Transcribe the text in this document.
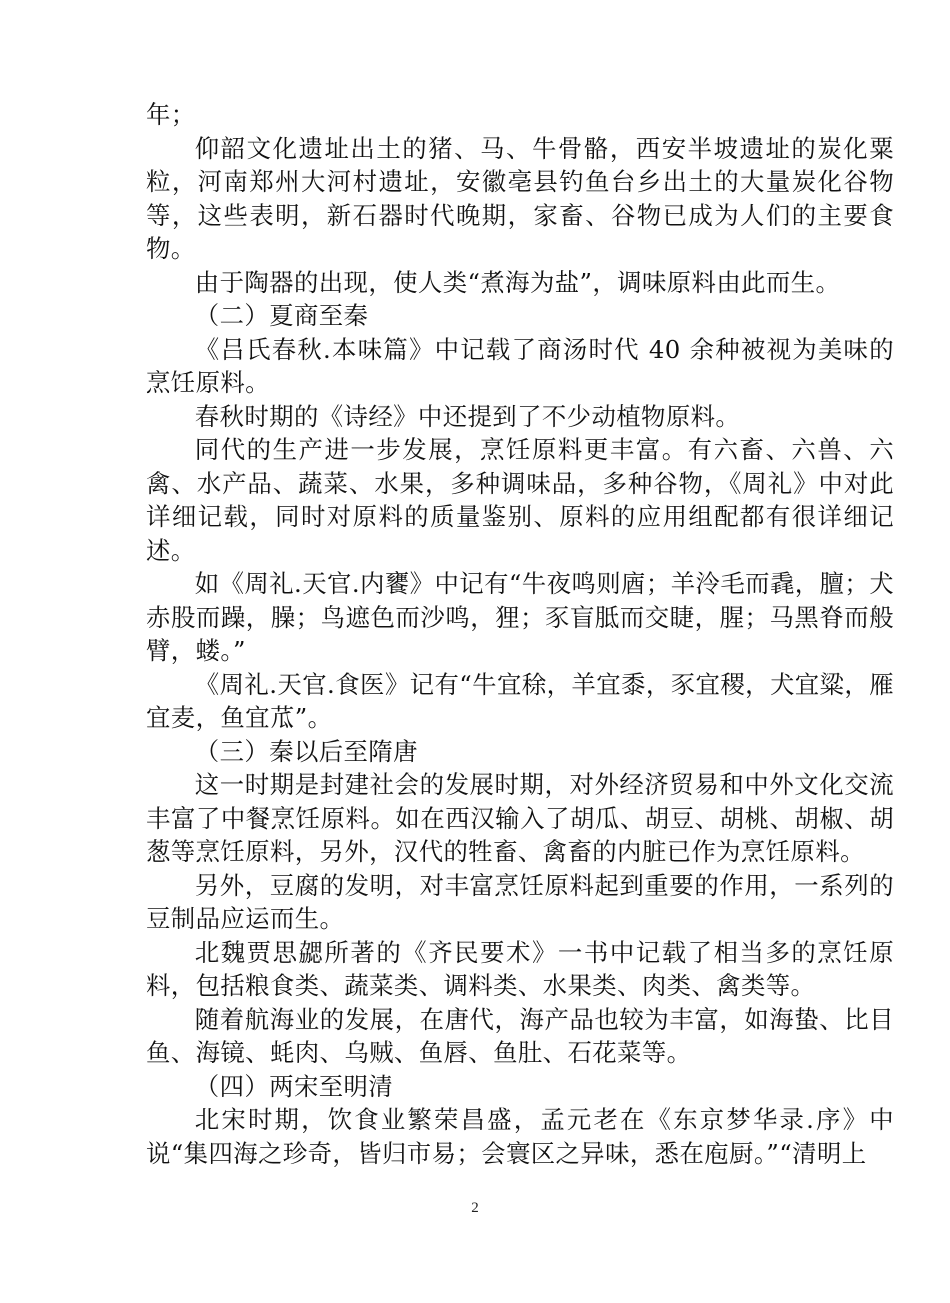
年；

仰韶文化遗址出土的猪、马、牛骨骼，西安半坡遗址的炭化粟粒，河南郑州大河村遗址，安徽亳县钓鱼台乡出土的大量炭化谷物等，这些表明，新石器时代晚期，家畜、谷物已成为人们的主要食物。

由于陶器的出现，使人类“煮海为盐”，调味原料由此而生。

（二）夏商至秦

《吕氏春秋.本味篇》中记载了商汤时代 40 余种被视为美味的烹饪原料。

春秋时期的《诗经》中还提到了不少动植物原料。

同代的生产进一步发展，烹饪原料更丰富。有六畜、六兽、六禽、水产品、蔬菜、水果，多种调味品，多种谷物，《周礼》中对此详细记载，同时对原料的质量鉴别、原料的应用组配都有很详细记述。

如《周礼.天官.内饔》中记有“牛夜鸣则庮；羊泠毛而毳，膻；犬赤股而躁，臊；鸟遮色而沙鸣，狸；豕盲胝而交睫，腥；马黑脊而般臂，蝼。”

《周礼.天官.食医》记有“牛宜稌，羊宜黍，豕宜稷，犬宜粱，雁宜麦，鱼宜苽”。

（三）秦以后至隋唐

这一时期是封建社会的发展时期，对外经济贸易和中外文化交流丰富了中餐烹饪原料。如在西汉输入了胡瓜、胡豆、胡桃、胡椒、胡葱等烹饪原料，另外，汉代的牲畜、禽畜的内脏已作为烹饪原料。

另外，豆腐的发明，对丰富烹饪原料起到重要的作用，一系列的豆制品应运而生。

北魏贾思勰所著的《齐民要术》一书中记载了相当多的烹饪原料，包括粮食类、蔬菜类、调料类、水果类、肉类、禽类等。

随着航海业的发展，在唐代，海产品也较为丰富，如海蛰、比目鱼、海镜、蚝肉、乌贼、鱼唇、鱼肚、石花菜等。

（四）两宋至明清

北宋时期，饮食业繁荣昌盛，孟元老在《东京梦华录.序》中说“集四海之珍奇，皆归市易；会寰区之异味，悉在庖厨。”“清明上

2
